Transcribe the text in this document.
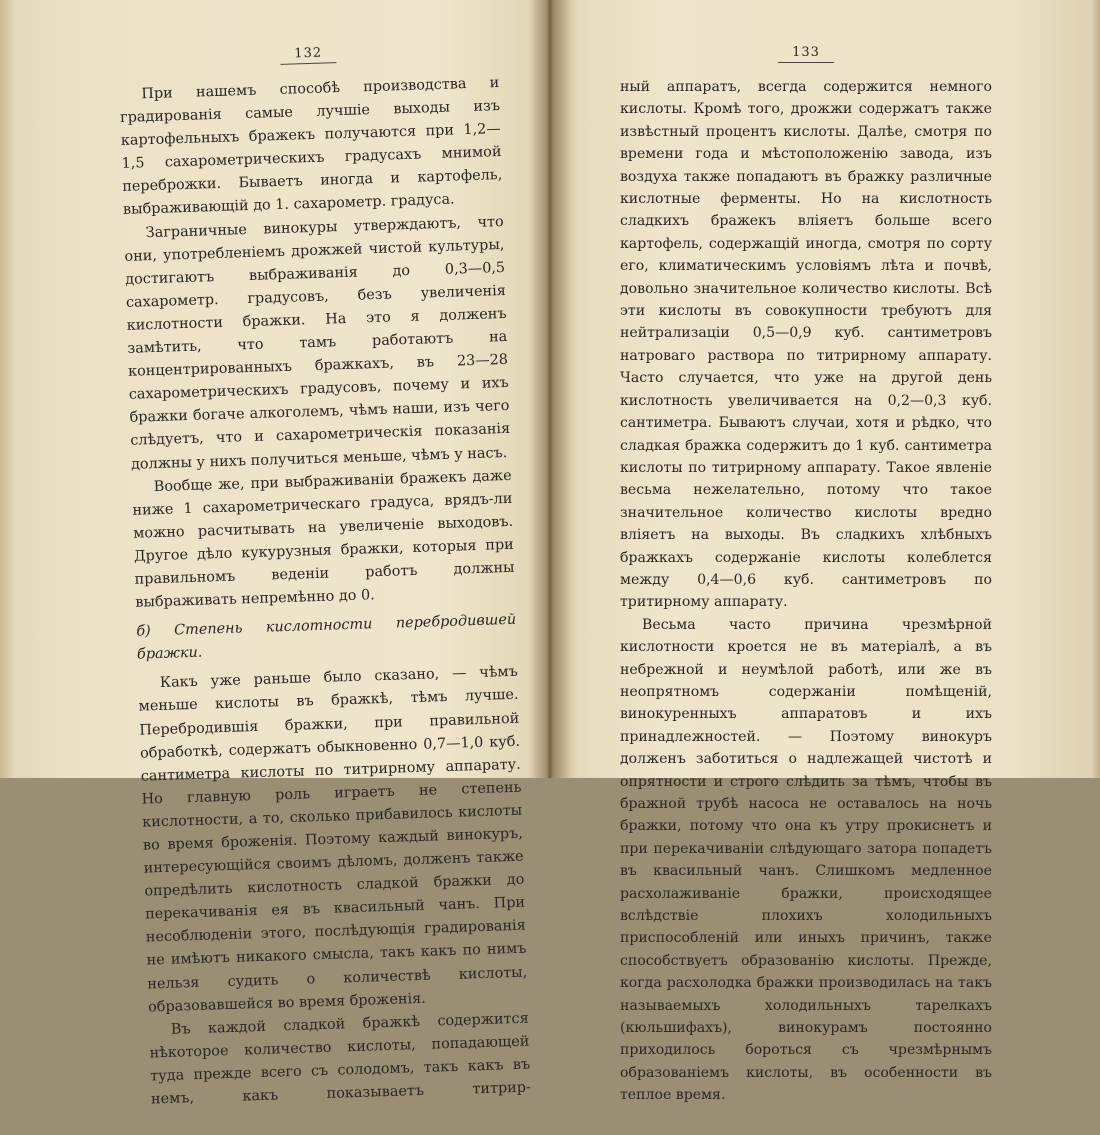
132

При нашемъ способѣ производства и градированія самые лучшіе выходы изъ картофельныхъ бражекъ получаются при 1,2—1,5 сахарометрическихъ градусахъ мнимой переброжки. Бываетъ иногда и картофель, выбраживающій до 1. сахарометр. градуса.

Заграничные винокуры утверждаютъ, что они, употребленіемъ дрожжей чистой культуры, достигаютъ выбраживанія до 0,3—0,5 сахарометр. градусовъ, безъ увеличенія кислотности бражки. На это я долженъ замѣтить, что тамъ работаютъ на концентрированныхъ бражкахъ, въ 23—28 сахарометрическихъ градусовъ, почему и ихъ бражки богаче алкоголемъ, чѣмъ наши, изъ чего слѣдуетъ, что и сахарометрическія показанія должны у нихъ получиться меньше, чѣмъ у насъ.

Вообще же, при выбраживаніи бражекъ даже ниже 1 сахарометрическаго градуса, врядъ-ли можно расчитывать на увеличеніе выходовъ. Другое дѣло кукурузныя бражки, которыя при правильномъ веденіи работъ должны выбраживать непремѣнно до 0.

б) Степень кислотности перебродившей бражки.

Какъ уже раньше было сказано, — чѣмъ меньше кислоты въ бражкѣ, тѣмъ лучше. Перебродившія бражки, при правильной обработкѣ, содержатъ обыкновенно 0,7—1,0 куб. сантиметра кислоты по титрирному аппарату. Но главную роль играетъ не степень кислотности, а то, сколько прибавилось кислоты во время броженія. Поэтому каждый винокуръ, интересующійся своимъ дѣломъ, долженъ также опредѣлить кислотность сладкой бражки до перекачиванія ея въ квасильный чанъ. При несоблюденіи этого, послѣдующія градированія не имѣютъ никакого смысла, такъ какъ по нимъ нельзя судить о количествѣ кислоты, образовавшейся во время броженія.

Въ каждой сладкой бражкѣ содержится нѣкоторое количество кислоты, попадающей туда прежде всего съ солодомъ, такъ какъ въ немъ, какъ показываетъ титрир-

133

ный аппаратъ, всегда содержится немного кислоты. Кромѣ того, дрожжи содержатъ также извѣстный процентъ кислоты. Далѣе, смотря по времени года и мѣстоположенію завода, изъ воздуха также попадаютъ въ бражку различные кислотные ферменты. Но на кислотность сладкихъ бражекъ вліяетъ больше всего картофель, содержащій иногда, смотря по сорту его, климатическимъ условіямъ лѣта и почвѣ, довольно значительное количество кислоты. Всѣ эти кислоты въ совокупности требуютъ для нейтрализаціи 0,5—0,9 куб. сантиметровъ натроваго раствора по титрирному аппарату. Часто случается, что уже на другой день кислотность увеличивается на 0,2—0,3 куб. сантиметра. Бываютъ случаи, хотя и рѣдко, что сладкая бражка содержитъ до 1 куб. сантиметра кислоты по титрирному аппарату. Такое явленіе весьма нежелательно, потому что такое значительное количество кислоты вредно вліяетъ на выходы. Въ сладкихъ хлѣбныхъ бражкахъ содержаніе кислоты колеблется между 0,4—0,6 куб. сантиметровъ по тритирному аппарату.

Весьма часто причина чрезмѣрной кислотности кроется не въ матеріалѣ, а въ небрежной и неумѣлой работѣ, или же въ неопрятномъ содержаніи помѣщеній, винокуренныхъ аппаратовъ и ихъ принадлежностей. — Поэтому винокуръ долженъ заботиться о надлежащей чистотѣ и опрятности и строго слѣдить за тѣмъ, чтобы въ бражной трубѣ насоса не оставалось на ночь бражки, потому что она къ утру прокиснетъ и при перекачиваніи слѣдующаго затора попадетъ въ квасильный чанъ. Слишкомъ медленное расхолаживаніе бражки, происходящее вслѣдствіе плохихъ холодильныхъ приспособленій или иныхъ причинъ, также способствуетъ образованію кислоты. Прежде, когда расхолодка бражки производилась на такъ называемыхъ холодильныхъ тарелкахъ (кюльшифахъ), винокурамъ постоянно приходилось бороться съ чрезмѣрнымъ образованіемъ кислоты, въ особенности въ теплое время.
